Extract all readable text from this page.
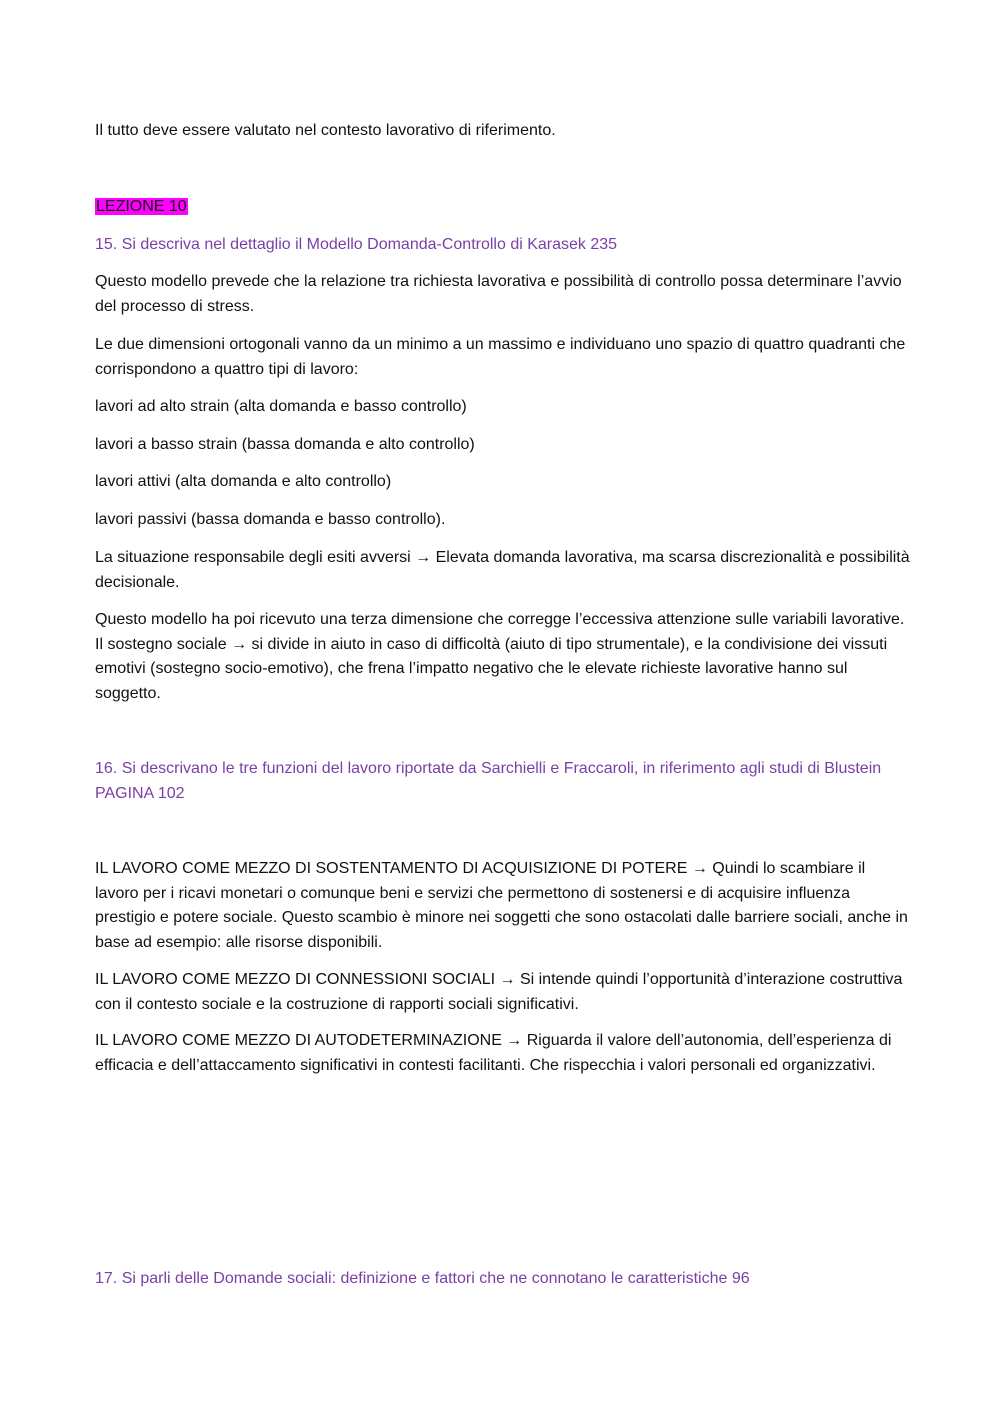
Il tutto deve essere valutato nel contesto lavorativo di riferimento.

LEZIONE 10

15. Si descriva nel dettaglio il Modello Domanda-Controllo di Karasek 235

Questo modello prevede che la relazione tra richiesta lavorativa e possibilità di controllo possa determinare l’avvio del processo di stress.

Le due dimensioni ortogonali vanno da un minimo a un massimo e individuano uno spazio di quattro quadranti che corrispondono a quattro tipi di lavoro:

lavori ad alto strain (alta domanda e basso controllo)

lavori a basso strain (bassa domanda e alto controllo)

lavori attivi (alta domanda e alto controllo)

lavori passivi (bassa domanda e basso controllo).

La situazione responsabile degli esiti avversi → Elevata domanda lavorativa, ma scarsa discrezionalità e possibilità decisionale.

Questo modello ha poi ricevuto una terza dimensione che corregge l’eccessiva attenzione sulle variabili lavorative. Il sostegno sociale → si divide in aiuto in caso di difficoltà (aiuto di tipo strumentale), e la condivisione dei vissuti emotivi (sostegno socio-emotivo), che frena l’impatto negativo che le elevate richieste lavorative hanno sul soggetto.

16. Si descrivano le tre funzioni del lavoro riportate da Sarchielli e Fraccaroli, in riferimento agli studi di Blustein PAGINA 102

IL LAVORO COME MEZZO DI SOSTENTAMENTO DI ACQUISIZIONE DI POTERE → Quindi lo scambiare il lavoro per i ricavi monetari o comunque beni e servizi che permettono di sostenersi e di acquisire influenza prestigio e potere sociale. Questo scambio è minore nei soggetti che sono ostacolati dalle barriere sociali, anche in base ad esempio: alle risorse disponibili.

IL LAVORO COME MEZZO DI CONNESSIONI SOCIALI → Si intende quindi l’opportunità d’interazione costruttiva con il contesto sociale e la costruzione di rapporti sociali significativi.

IL LAVORO COME MEZZO DI AUTODETERMINAZIONE → Riguarda il valore dell’autonomia, dell’esperienza di efficacia e dell’attaccamento significativi in contesti facilitanti. Che rispecchia i valori personali ed organizzativi.

17. Si parli delle Domande sociali: definizione e fattori che ne connotano le caratteristiche 96
